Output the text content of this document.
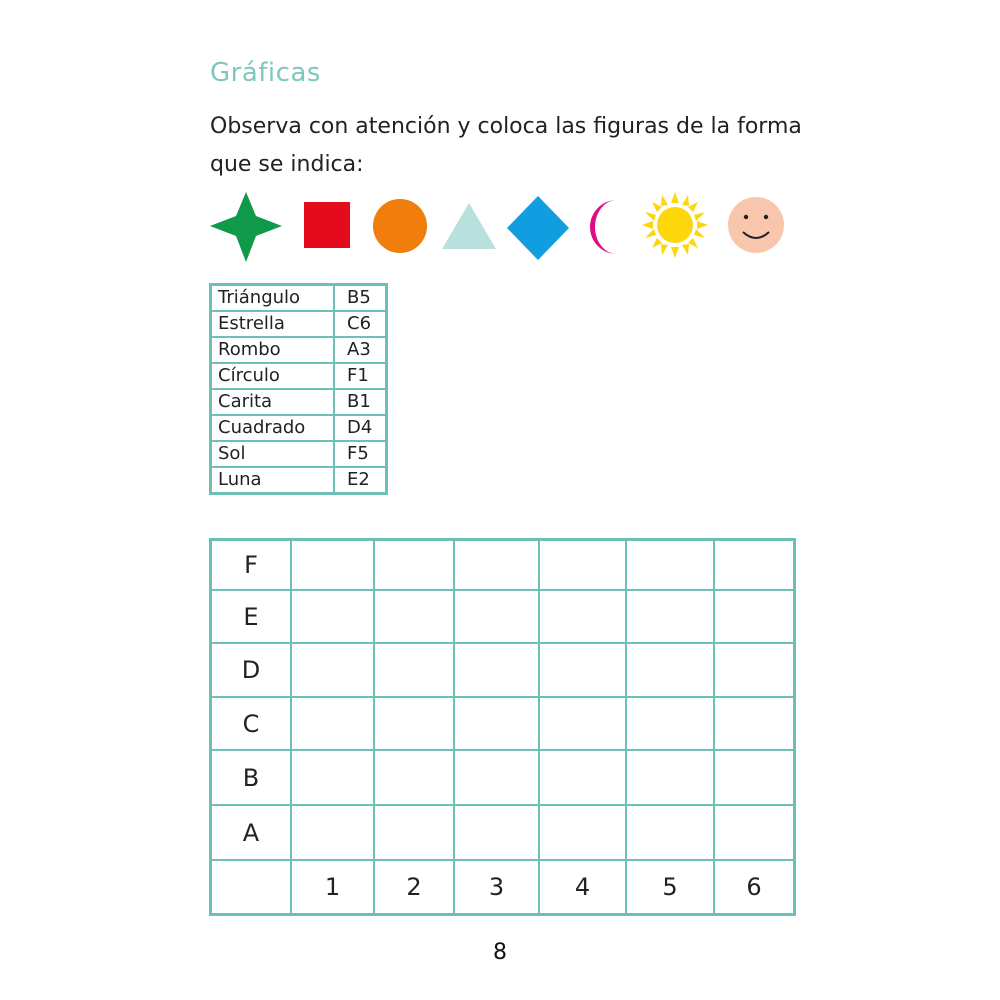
Gráficas
Observa con atención y coloca las figuras de la forma que se indica:
Triángulo	B5
Estrella	C6
Rombo	A3
Círculo	F1
Carita	B1
Cuadrado	D4
Sol	F5
Luna	E2
F						
E						
D						
C						
B						
A						
	1	2	3	4	5	6
8
